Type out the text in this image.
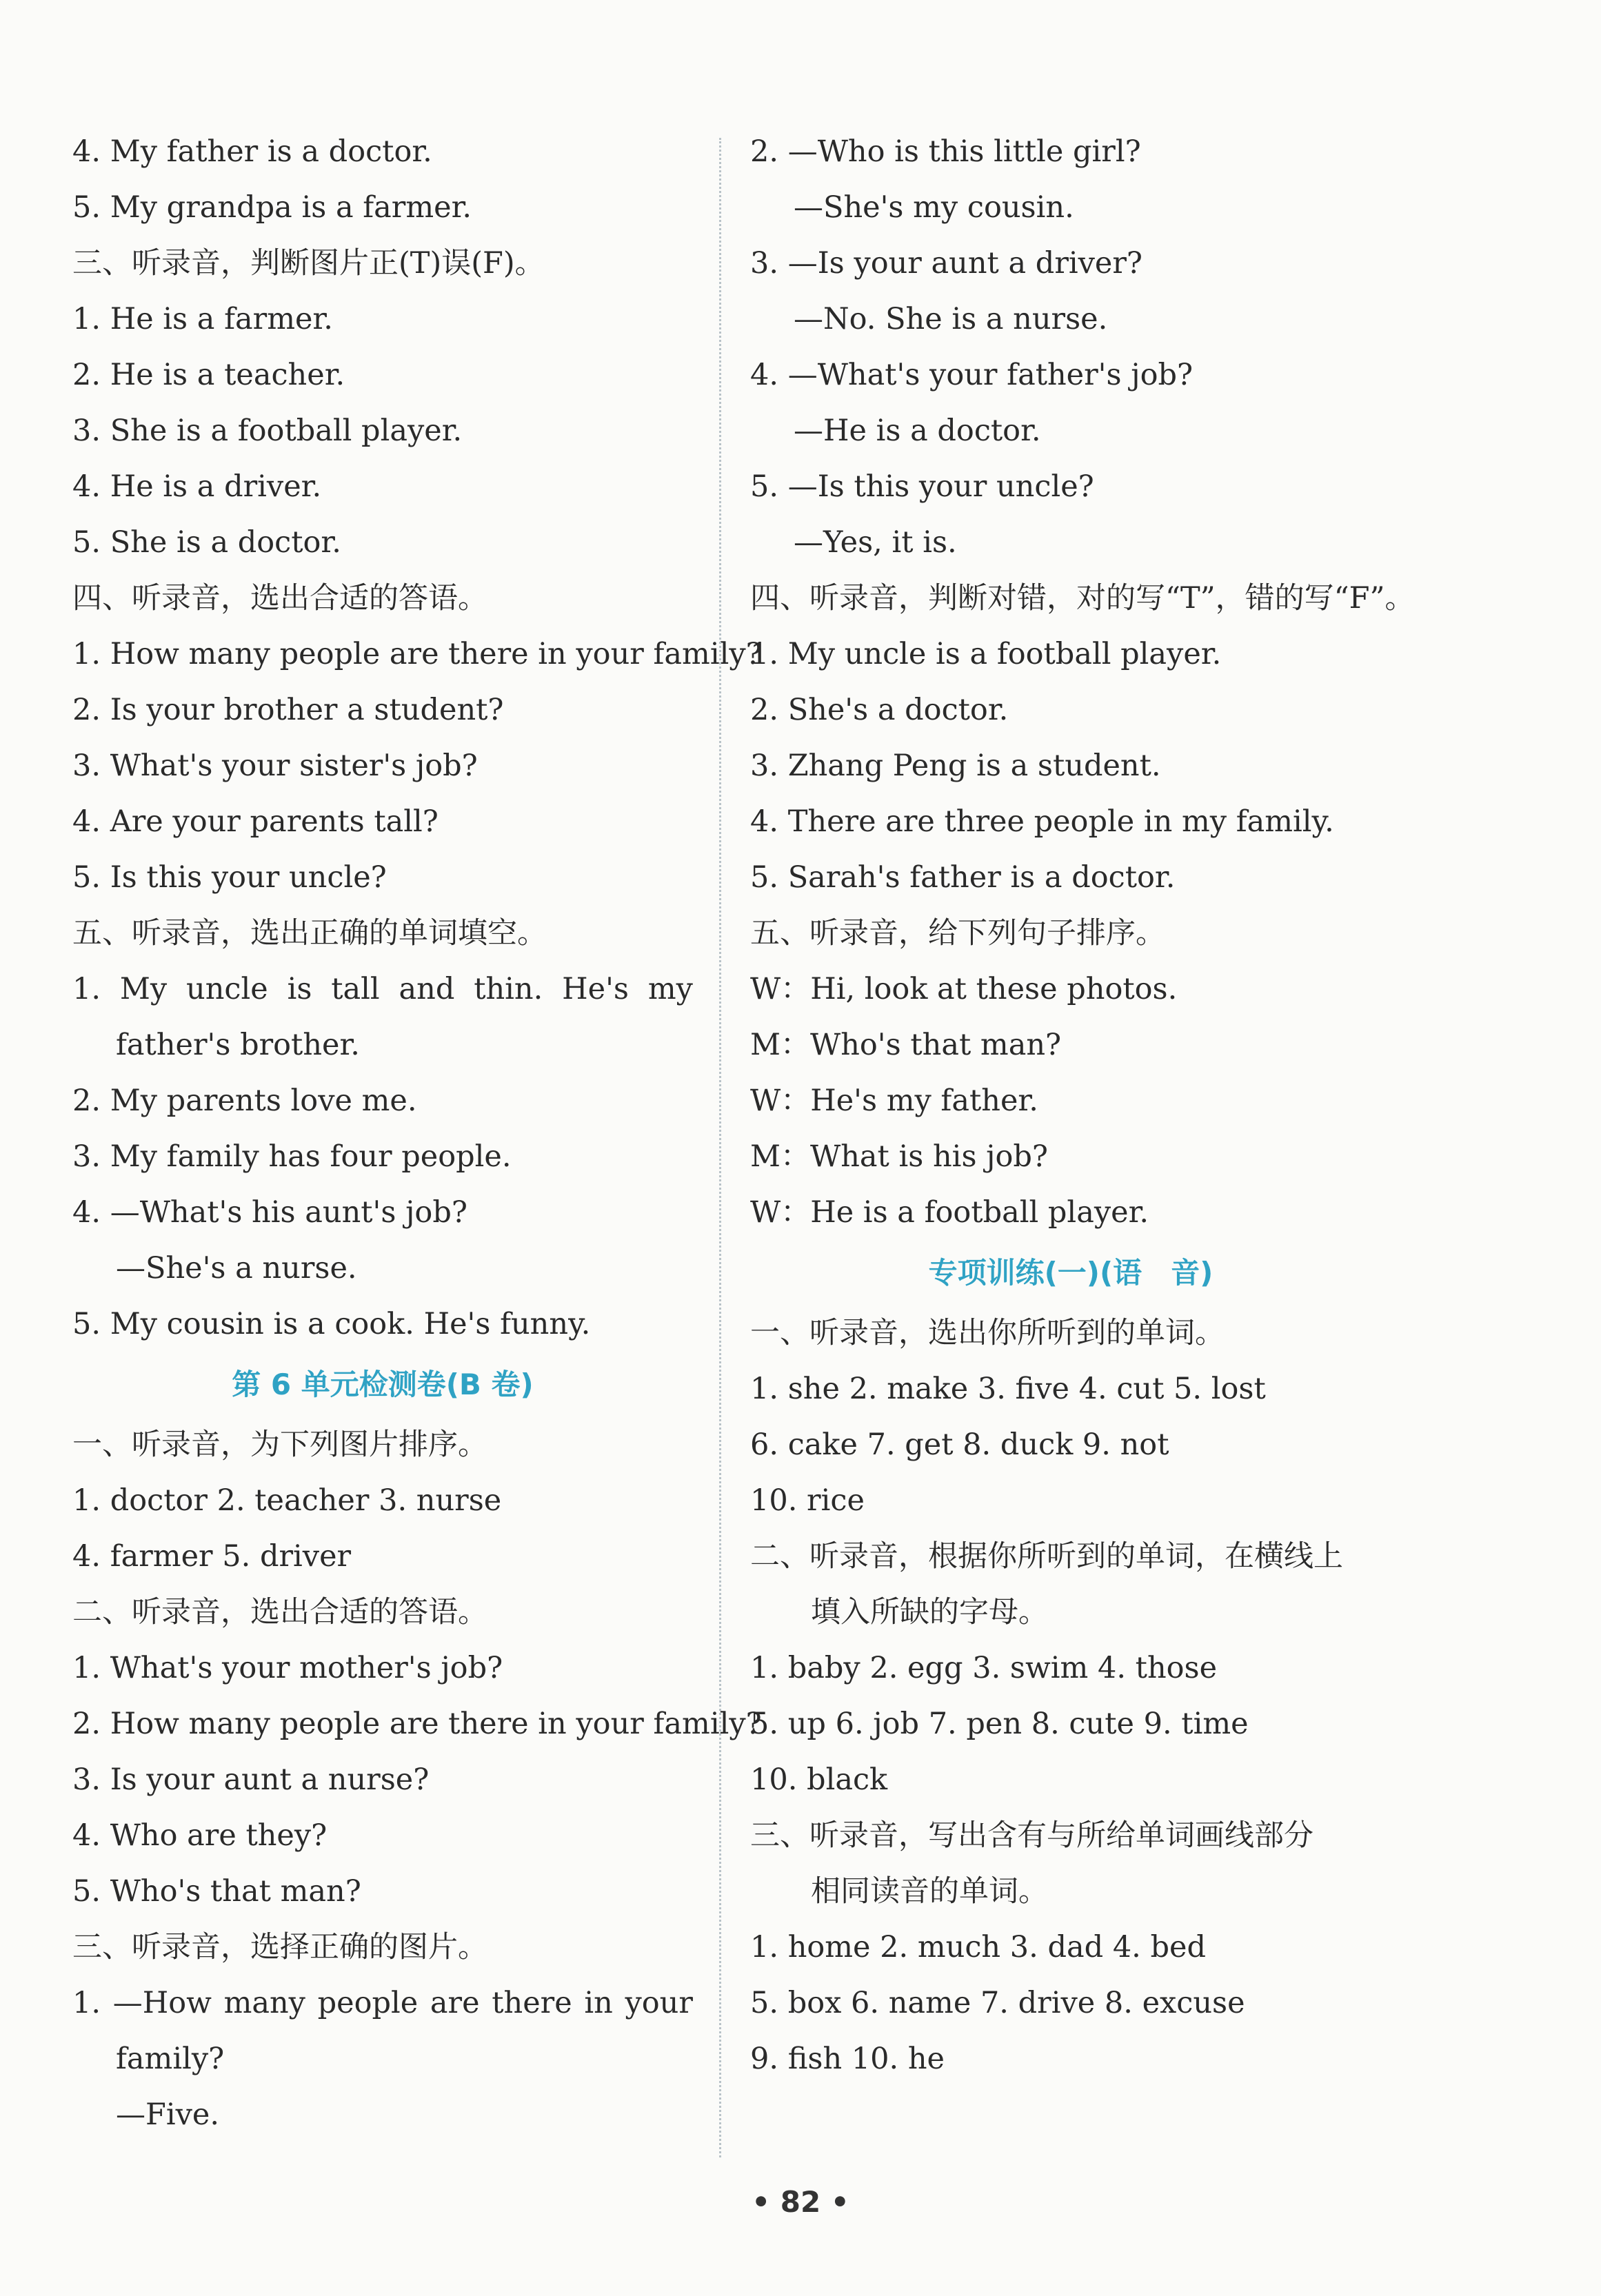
4. My father is a doctor.
5. My grandpa is a farmer.
三、听录音，判断图片正(T)误(F)。
1. He is a farmer.
2. He is a teacher.
3. She is a football player.
4. He is a driver.
5. She is a doctor.
四、听录音，选出合适的答语。
1. How many people are there in your family?
2. Is your brother a student?
3. What's your sister's job?
4. Are your parents tall?
5. Is this your uncle?
五、听录音，选出正确的单词填空。
1. My uncle is tall and thin. He's my
father's brother.
2. My parents love me.
3. My family has four people.
4. —What's his aunt's job?
—She's a nurse.
5. My cousin is a cook. He's funny.
第 6 单元检测卷(B 卷)
一、听录音，为下列图片排序。
1. doctor 2. teacher 3. nurse
4. farmer 5. driver
二、听录音，选出合适的答语。
1. What's your mother's job?
2. How many people are there in your family?
3. Is your aunt a nurse?
4. Who are they?
5. Who's that man?
三、听录音，选择正确的图片。
1. —How many people are there in your
family?
—Five.
2. —Who is this little girl?
—She's my cousin.
3. —Is your aunt a driver?
—No. She is a nurse.
4. —What's your father's job?
—He is a doctor.
5. —Is this your uncle?
—Yes, it is.
四、听录音，判断对错，对的写“T”，错的写“F”。
1. My uncle is a football player.
2. She's a doctor.
3. Zhang Peng is a student.
4. There are three people in my family.
5. Sarah's father is a doctor.
五、听录音，给下列句子排序。
W：Hi, look at these photos.
M：Who's that man?
W：He's my father.
M：What is his job?
W：He is a football player.
专项训练(一)(语　音)
一、听录音，选出你所听到的单词。
1. she 2. make 3. five 4. cut 5. lost
6. cake 7. get 8. duck 9. not
10. rice
二、听录音，根据你所听到的单词，在横线上
填入所缺的字母。
1. baby 2. egg 3. swim 4. those
5. up 6. job 7. pen 8. cute 9. time
10. black
三、听录音，写出含有与所给单词画线部分
相同读音的单词。
1. home 2. much 3. dad 4. bed
5. box 6. name 7. drive 8. excuse
9. fish 10. he
• 82 •
